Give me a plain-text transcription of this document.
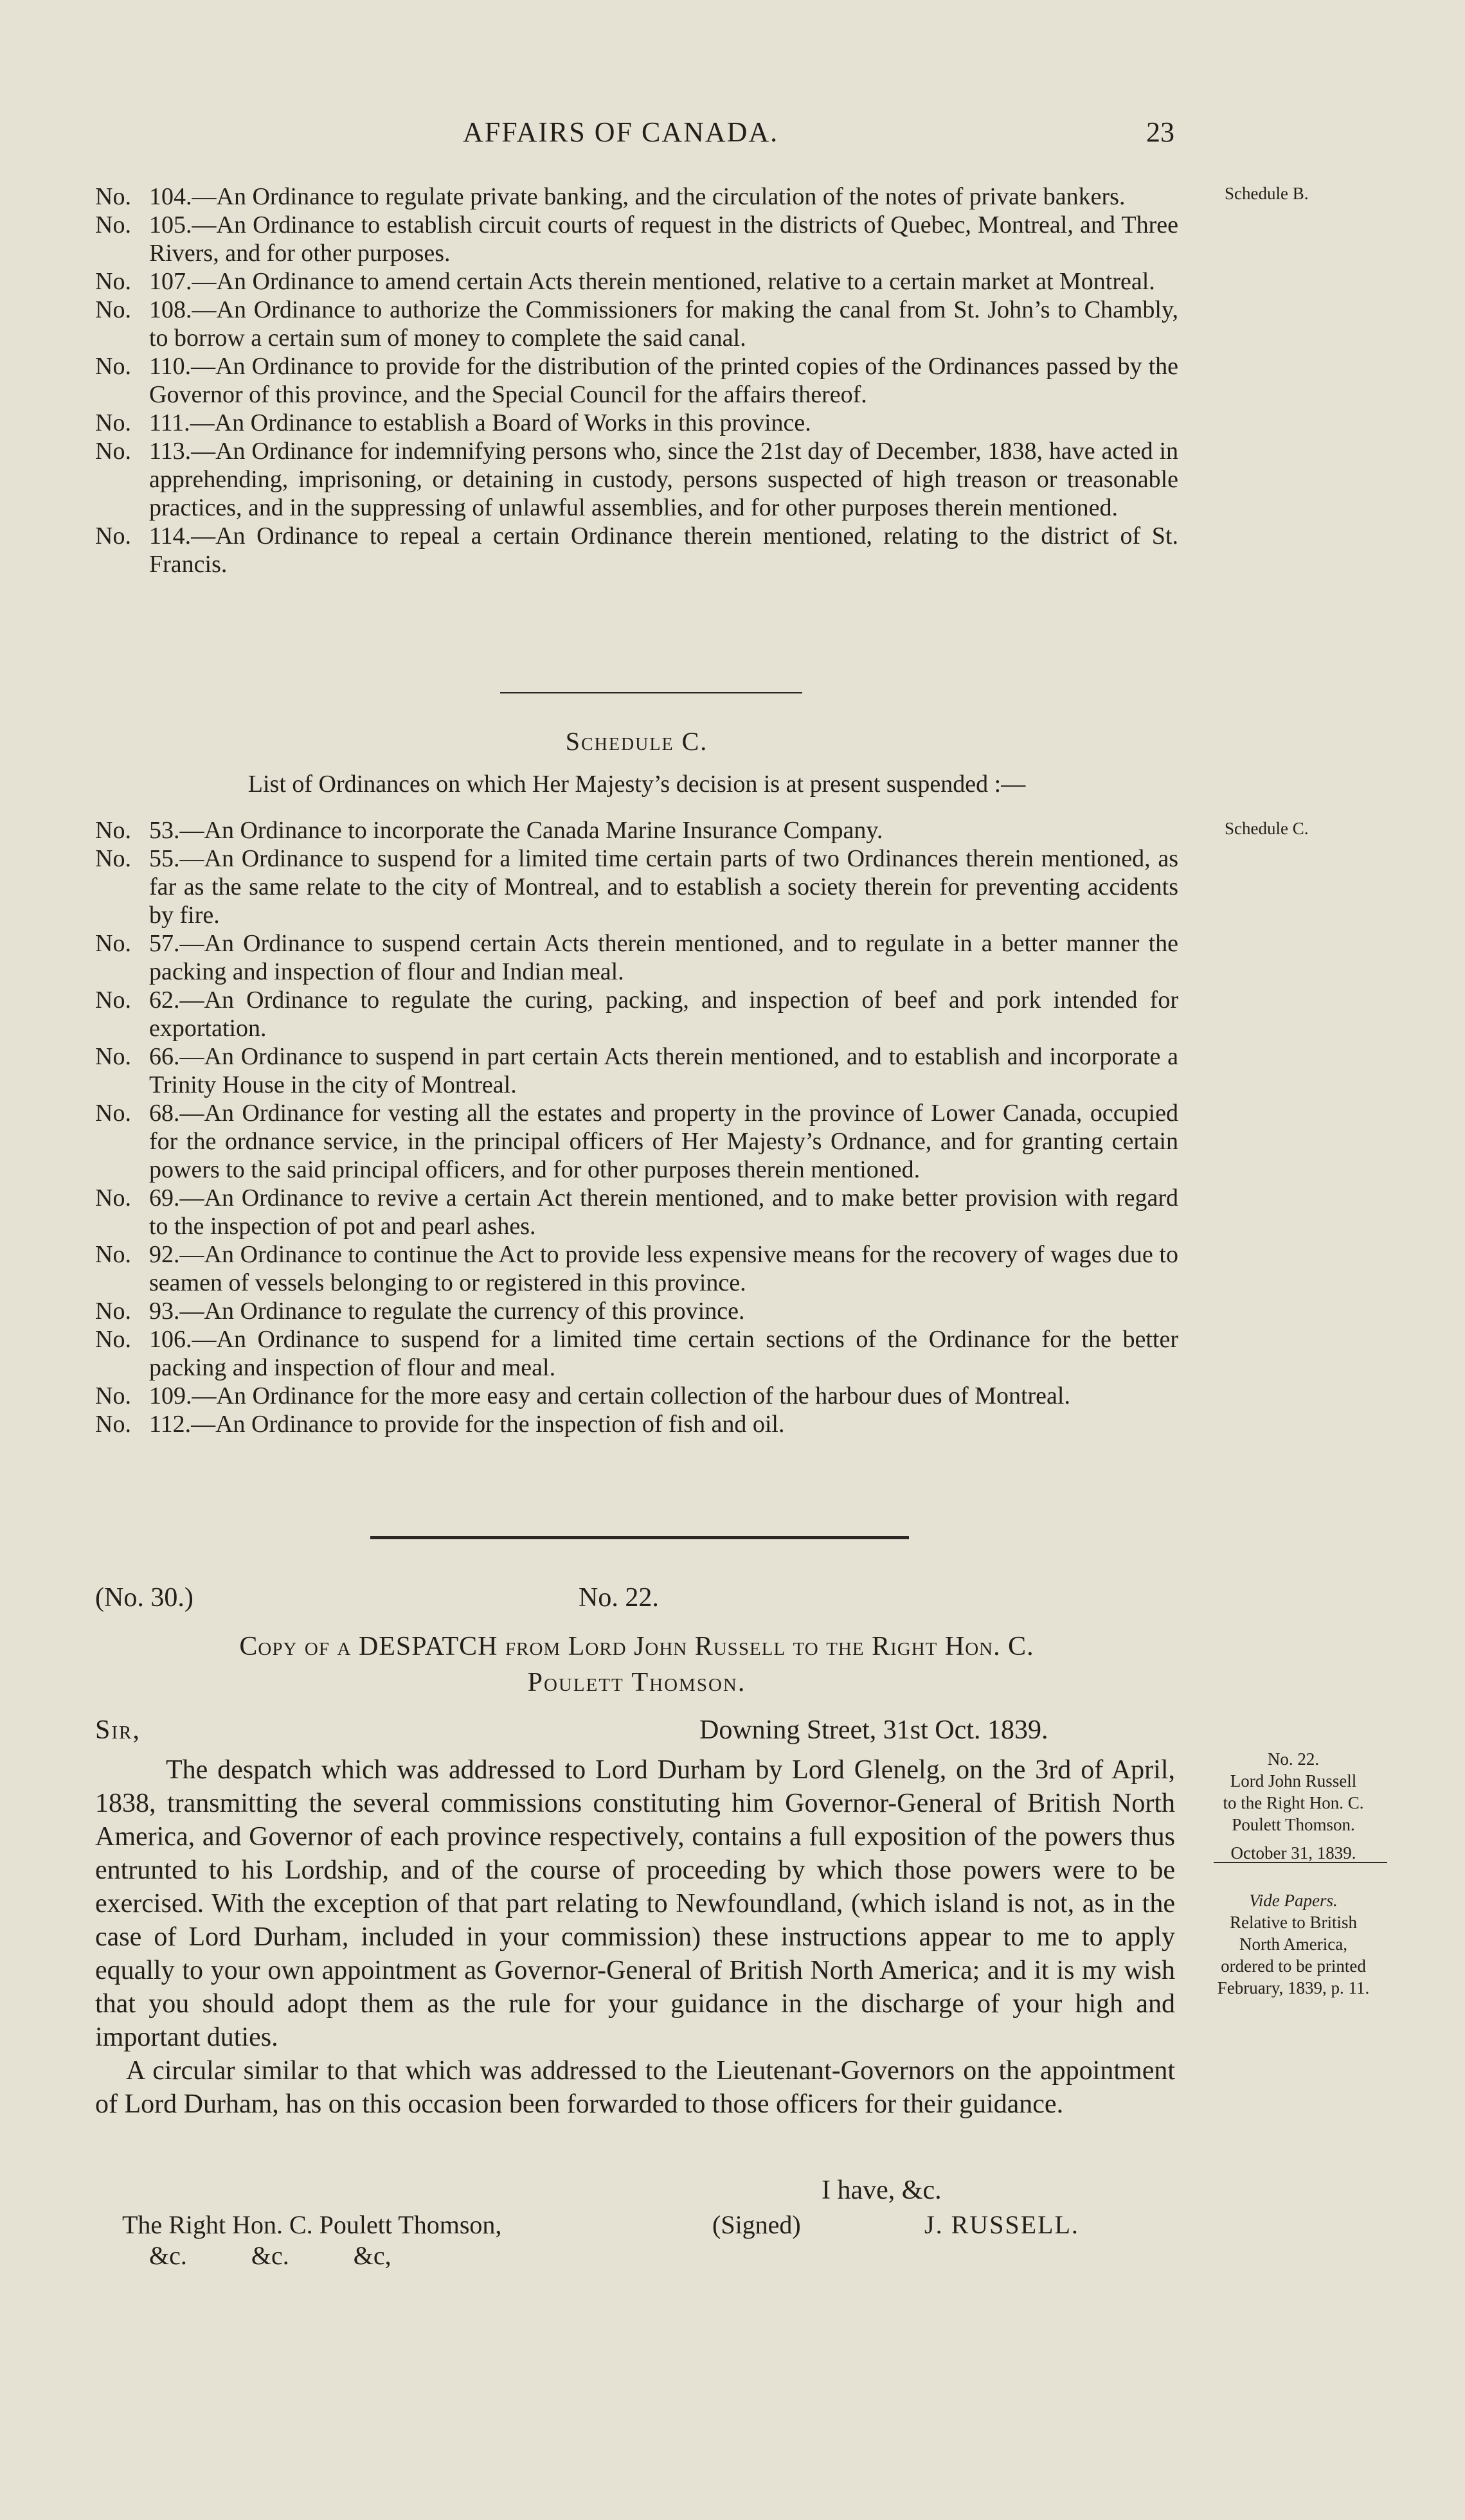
AFFAIRS OF CANADA.	23
Schedule B.

No. 104.—An Ordinance to regulate private banking, and the circulation of the notes of private bankers.

No. 105.—An Ordinance to establish circuit courts of request in the districts of Quebec, Montreal, and Three Rivers, and for other purposes.

No. 107.—An Ordinance to amend certain Acts therein mentioned, relative to a certain market at Montreal.

No. 108.—An Ordinance to authorize the Commissioners for making the canal from St. John’s to Chambly, to borrow a certain sum of money to complete the said canal.

No. 110.—An Ordinance to provide for the distribution of the printed copies of the Ordinances passed by the Governor of this province, and the Special Council for the affairs thereof.

No. 111.—An Ordinance to establish a Board of Works in this province.

No. 113.—An Ordinance for indemnifying persons who, since the 21st day of December, 1838, have acted in apprehending, imprisoning, or detaining in custody, persons suspected of high treason or treasonable practices, and in the suppressing of unlawful assemblies, and for other purposes therein mentioned.

No. 114.—An Ordinance to repeal a certain Ordinance therein mentioned, relating to the district of St. Francis.

Schedule C.
List of Ordinances on which Her Majesty’s decision is at present suspended :—
Schedule C.

No. 53.—An Ordinance to incorporate the Canada Marine Insurance Company.

No. 55.—An Ordinance to suspend for a limited time certain parts of two Ordinances therein mentioned, as far as the same relate to the city of Montreal, and to establish a society therein for preventing accidents by fire.

No. 57.—An Ordinance to suspend certain Acts therein mentioned, and to regulate in a better manner the packing and inspection of flour and Indian meal.

No. 62.—An Ordinance to regulate the curing, packing, and inspection of beef and pork intended for exportation.

No. 66.—An Ordinance to suspend in part certain Acts therein mentioned, and to establish and incorporate a Trinity House in the city of Montreal.

No. 68.—An Ordinance for vesting all the estates and property in the province of Lower Canada, occupied for the ordnance service, in the principal officers of Her Majesty’s Ordnance, and for granting certain powers to the said principal officers, and for other purposes therein mentioned.

No. 69.—An Ordinance to revive a certain Act therein mentioned, and to make better provision with regard to the inspection of pot and pearl ashes.

No. 92.—An Ordinance to continue the Act to provide less expensive means for the recovery of wages due to seamen of vessels belonging to or registered in this province.

No. 93.—An Ordinance to regulate the currency of this province.

No. 106.—An Ordinance to suspend for a limited time certain sections of the Ordinance for the better packing and inspection of flour and meal.

No. 109.—An Ordinance for the more easy and certain collection of the harbour dues of Montreal.

No. 112.—An Ordinance to provide for the inspection of fish and oil.

(No. 30.)	No. 22.
Copy of a DESPATCH from Lord John Russell to the Right Hon. C.
Poulett Thomson.
Sir,	Downing Street, 31st Oct. 1839.

The despatch which was addressed to Lord Durham by Lord Glenelg, on the 3rd of April, 1838, transmitting the several commissions constituting him Governor-General of British North America, and Governor of each province respectively, contains a full exposition of the powers thus entrunted to his Lordship, and of the course of proceeding by which those powers were to be exercised. With the exception of that part relating to Newfoundland, (which island is not, as in the case of Lord Durham, included in your commission) these instructions appear to me to apply equally to your own appointment as Governor-General of British North America; and it is my wish that you should adopt them as the rule for your guidance in the discharge of your high and important duties.

A circular similar to that which was addressed to the Lieutenant-Governors on the appointment of Lord Durham, has on this occasion been forwarded to those officers for their guidance.

I have, &c.
The Right Hon. C. Poulett Thomson,	(Signed)	J. RUSSELL.
&c.          &c.          &c,
No. 22.
Lord John Russell
to the Right Hon. C.
Poulett Thomson.
October 31, 1839.
Vide Papers.
Relative to British
North America,
ordered to be printed
February, 1839, p. 11.
